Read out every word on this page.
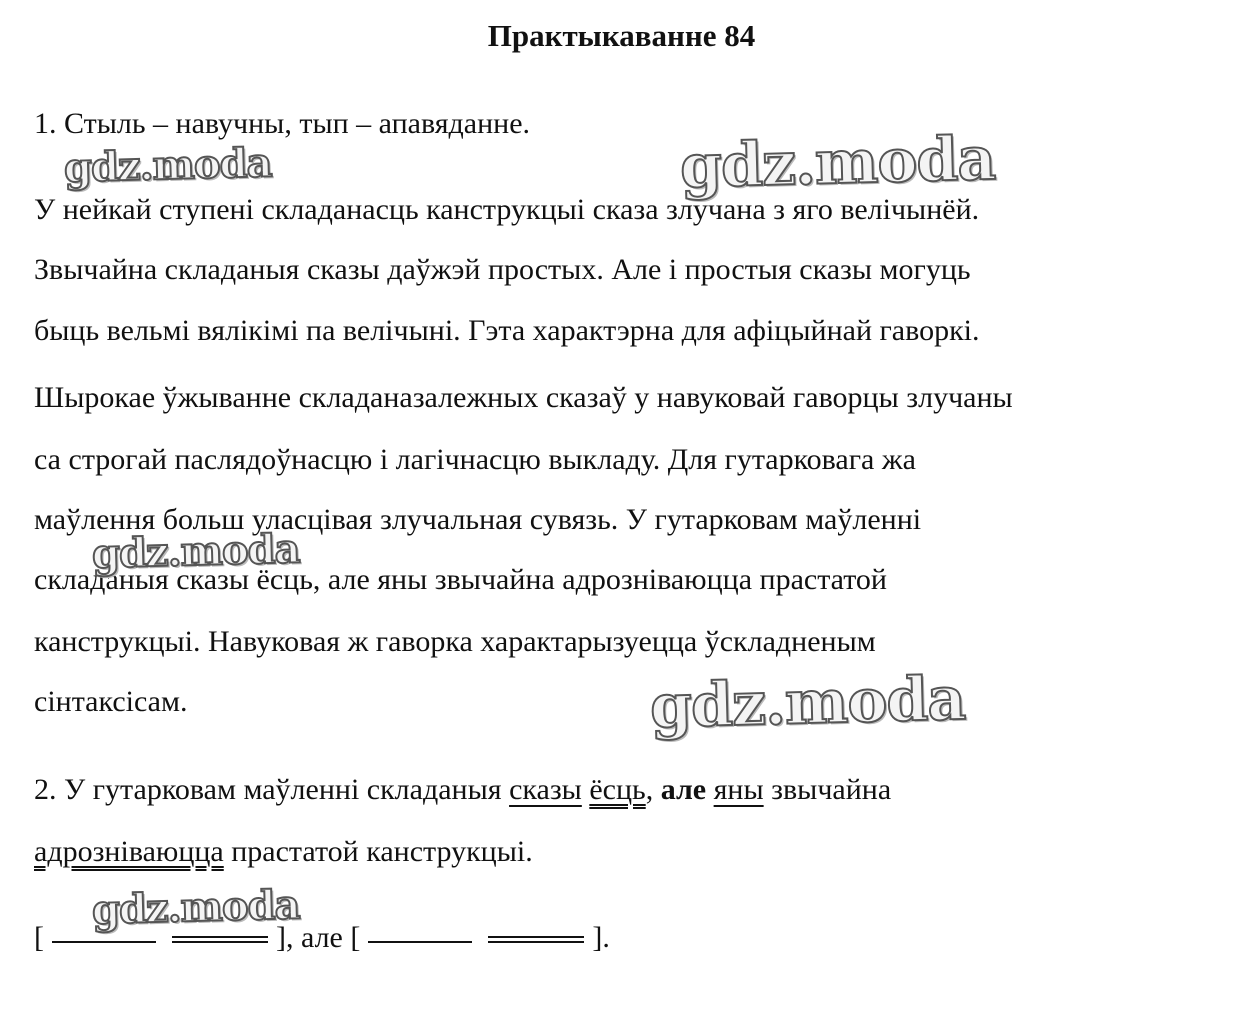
Практыкаванне 84
1. Стыль – навучны, тып – апавяданне.
У нейкай ступені складанасць канструкцыі сказа злучана з яго велічынёй.
Звычайна складаныя сказы даўжэй простых. Але і простыя сказы могуць
быць вельмі вялікімі па велічыні. Гэта характэрна для афіцыйнай гаворкі.
Шырокае ўжыванне складаназалежных сказаў у навуковай гаворцы злучаны
са строгай паслядоўнасцю і лагічнасцю выкладу. Для гутарковага жа
маўлення больш уласцівая злучальная сувязь. У гутарковам маўленні
складаныя сказы ёсць, але яны звычайна адрозніваюцца прастатой
канструкцыі. Навуковая ж гаворка характарызуецца ўскладненым
сінтаксісам.
2. У гутарковам маўленні складаныя сказы ёсць, але яны звычайна
адрозніваюцца прастатой канструкцыі.
[	], але [	].
gdz.moda	gdz.moda
gdz.moda
gdz.moda
gdz.moda
